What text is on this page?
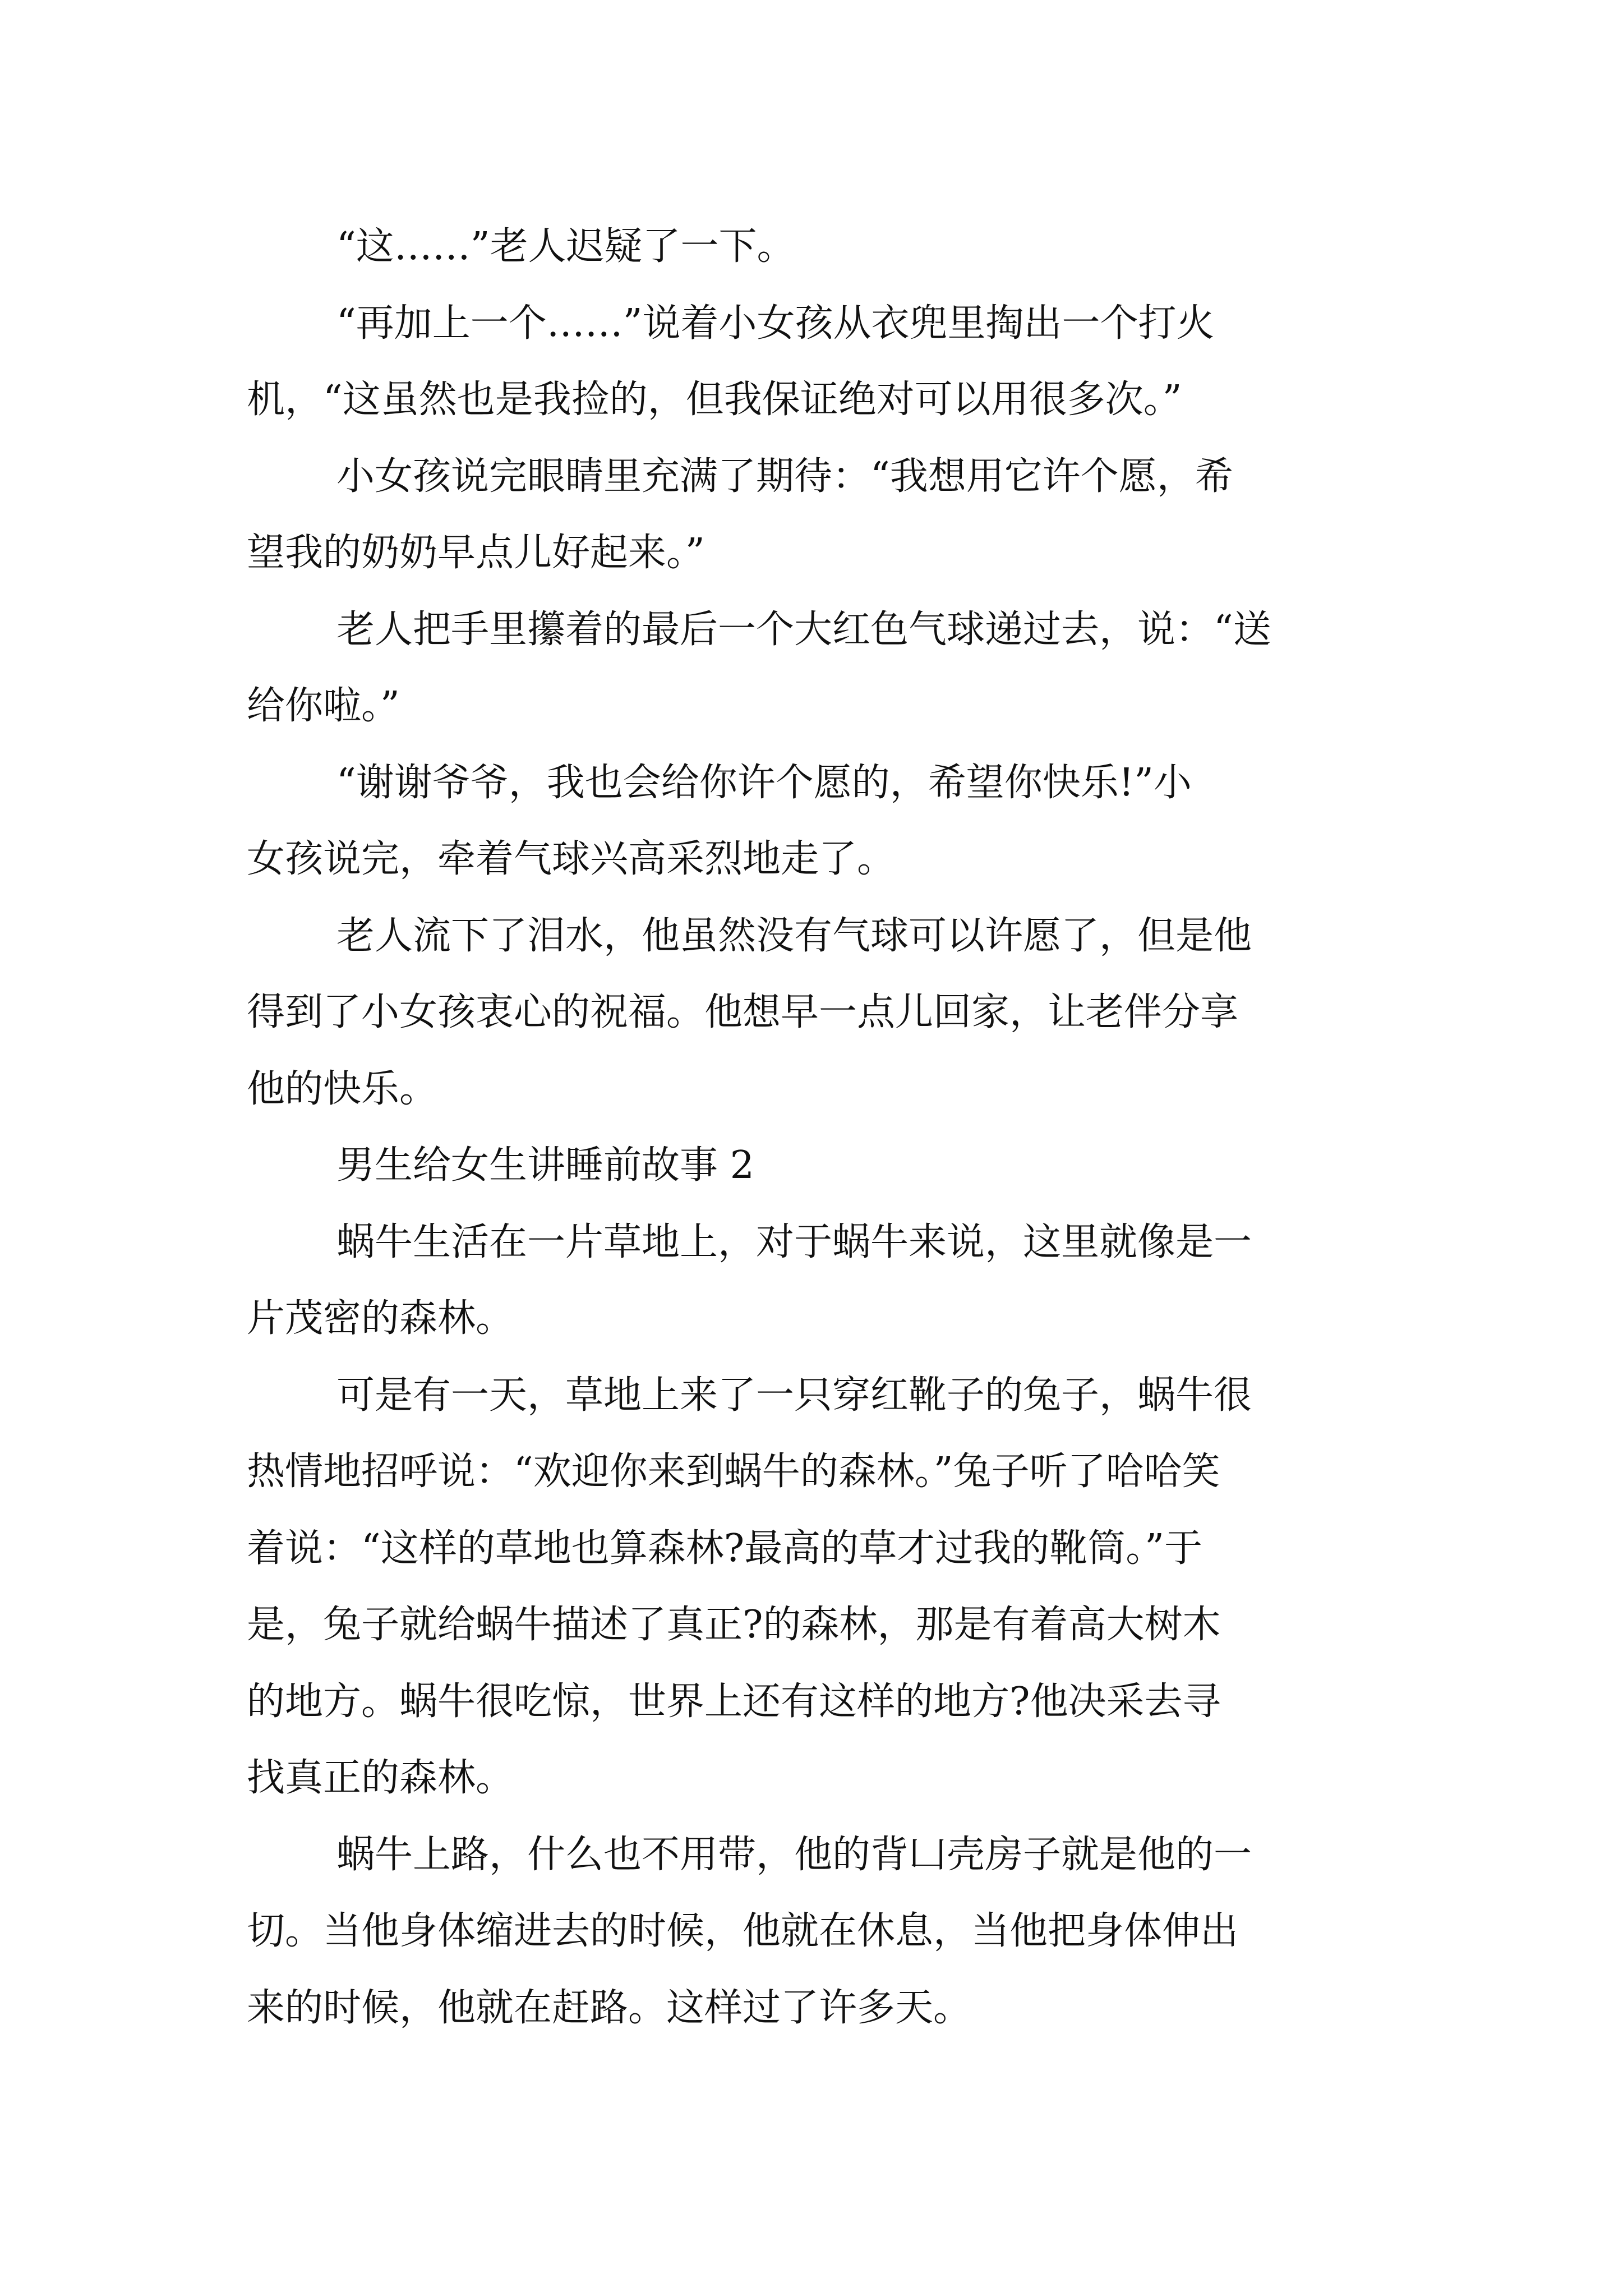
“这……”老人迟疑了一下。

“再加上一个……”说着小女孩从衣兜里掏出一个打火

机，“这虽然也是我捡的，但我保证绝对可以用很多次。”

小女孩说完眼睛里充满了期待：“我想用它许个愿，希

望我的奶奶早点儿好起来。”

老人把手里攥着的最后一个大红色气球递过去，说：“送

给你啦。”

“谢谢爷爷，我也会给你许个愿的，希望你快乐!”小

女孩说完，牵着气球兴高采烈地走了。

老人流下了泪水，他虽然没有气球可以许愿了，但是他

得到了小女孩衷心的祝福。他想早一点儿回家，让老伴分享

他的快乐。

男生给女生讲睡前故事 2

蜗牛生活在一片草地上，对于蜗牛来说，这里就像是一

片茂密的森林。

可是有一天，草地上来了一只穿红靴子的兔子，蜗牛很

热情地招呼说：“欢迎你来到蜗牛的森林。”兔子听了哈哈笑

着说：“这样的草地也算森林?最高的草才过我的靴筒。”于

是，兔子就给蜗牛描述了真正?的森林，那是有着高大树木

的地方。蜗牛很吃惊，世界上还有这样的地方?他决采去寻

找真正的森林。

蜗牛上路，什么也不用带，他的背凵壳房子就是他的一

切。当他身体缩进去的时候，他就在休息，当他把身体伸出

来的时候，他就在赶路。这样过了许多天。
